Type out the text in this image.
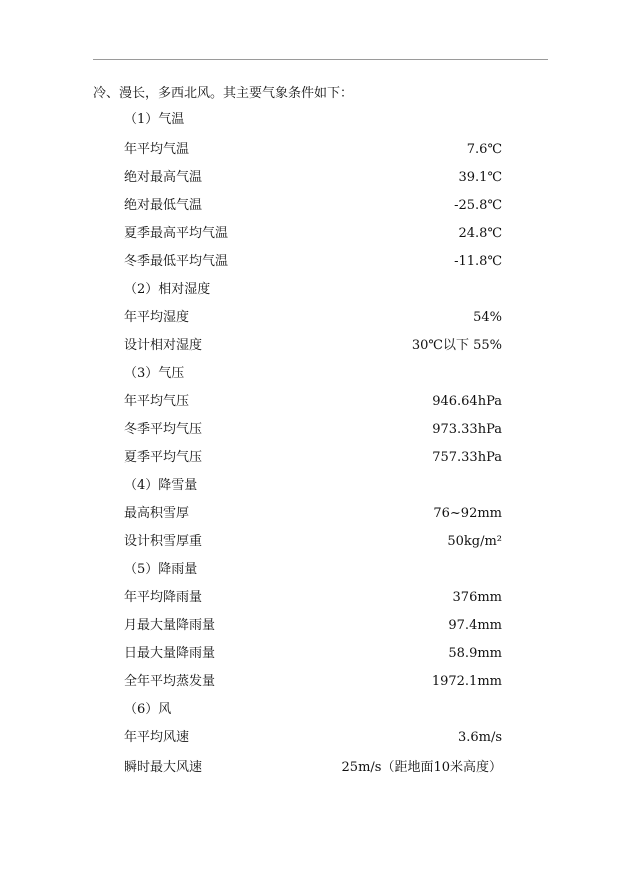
冷、漫长，多西北风。其主要气象条件如下：
（1）气温
年平均气温	7.6℃
绝对最高气温	39.1℃
绝对最低气温	-25.8℃
夏季最高平均气温	24.8℃
冬季最低平均气温	-11.8℃
（2）相对湿度
年平均湿度	54%
设计相对湿度	30℃以下 55%
（3）气压
年平均气压	946.64hPa
冬季平均气压	973.33hPa
夏季平均气压	757.33hPa
（4）降雪量
最高积雪厚	76~92mm
设计积雪厚重	50kg/m²
（5）降雨量
年平均降雨量	376mm
月最大量降雨量	97.4mm
日最大量降雨量	58.9mm
全年平均蒸发量	1972.1mm
（6）风
年平均风速	3.6m/s
瞬时最大风速	25m/s（距地面10米高度）
